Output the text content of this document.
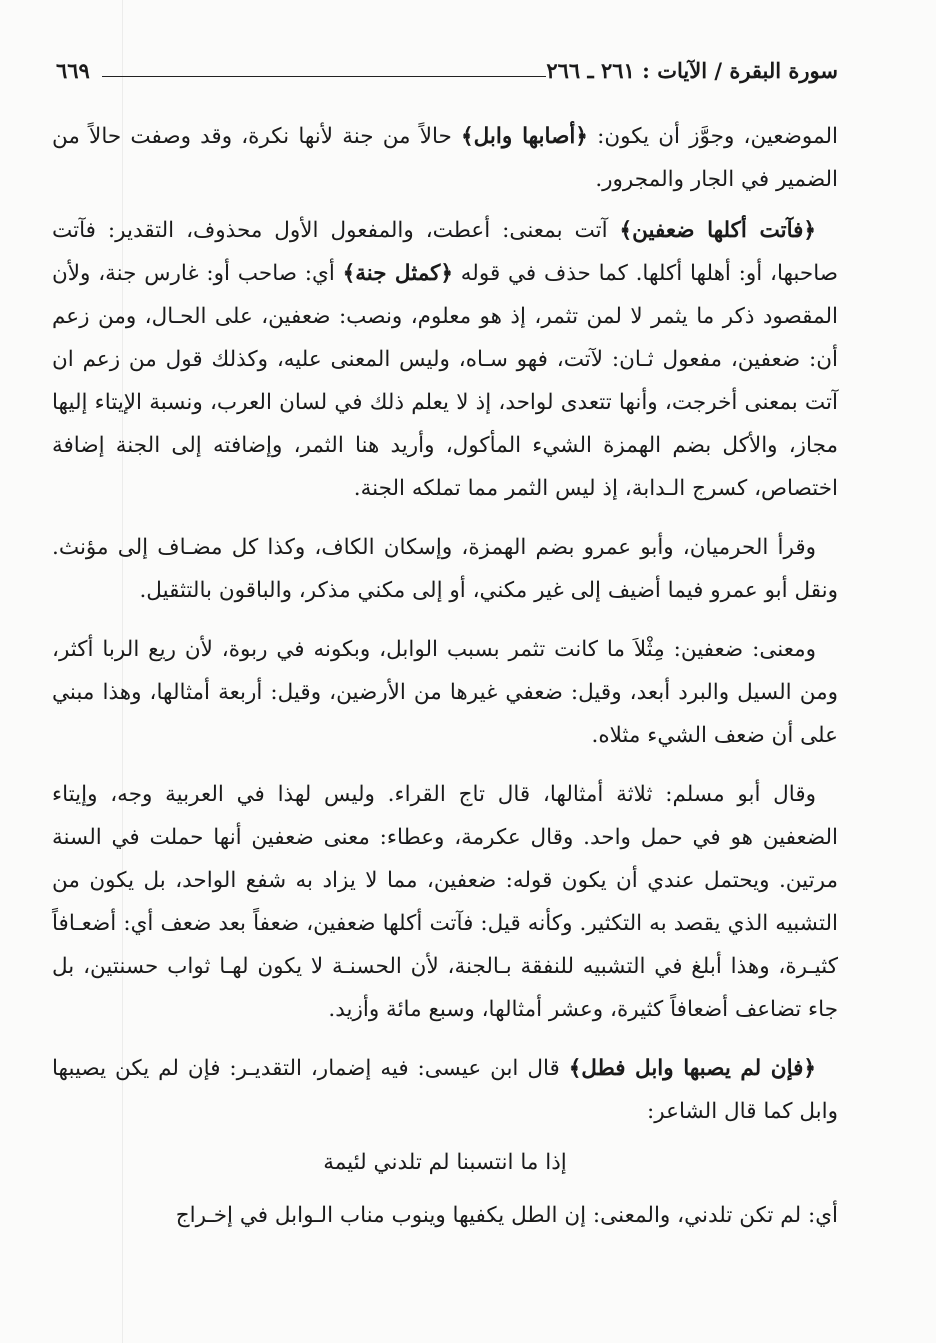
سورة البقرة / الآيات : ٢٦١ ـ ٢٦٦
٦٦٩

الموضعين، وجوَّز أن يكون: ﴿أصابها وابل﴾ حالاً من جنة لأنها نكرة، وقد وصفت حالاً من الضمير في الجار والمجرور.

﴿فآتت أكلها ضعفين﴾ آتت بمعنى: أعطت، والمفعول الأول محذوف، التقدير: فآتت صاحبها، أو: أهلها أكلها. كما حذف في قوله ﴿كمثل جنة﴾ أي: صاحب أو: غارس جنة، ولأن المقصود ذكر ما يثمر لا لمن تثمر، إذ هو معلوم، ونصب: ضعفين، على الحـال، ومن زعم أن: ضعفين، مفعول ثـان: لآتت، فهو سـاه، وليس المعنى عليه، وكذلك قول من زعم ان آتت بمعنى أخرجت، وأنها تتعدى لواحد، إذ لا يعلم ذلك في لسان العرب، ونسبة الإيتاء إليها مجاز، والأكل بضم الهمزة الشيء المأكول، وأريد هنا الثمر، وإضافته إلى الجنة إضافة اختصاص، كسرج الـدابة، إذ ليس الثمر مما تملكه الجنة.

وقرأ الحرميان، وأبو عمرو بضم الهمزة، وإسكان الكاف، وكذا كل مضـاف إلى مؤنث. ونقل أبو عمرو فيما أضيف إلى غير مكني، أو إلى مكني مذكر، والباقون بالتثقيل.

ومعنى: ضعفين: مِثْلاَ ما كانت تثمر بسبب الوابل، وبكونه في ربوة، لأن ريع الربا أكثر، ومن السيل والبرد أبعد، وقيل: ضعفي غيرها من الأرضين، وقيل: أربعة أمثالها، وهذا مبني على أن ضعف الشيء مثلاه.

وقال أبو مسلم: ثلاثة أمثالها، قال تاج القراء. وليس لهذا في العربية وجه، وإيتاء الضعفين هو في حمل واحد. وقال عكرمة، وعطاء: معنى ضعفين أنها حملت في السنة مرتين. ويحتمل عندي أن يكون قوله: ضعفين، مما لا يزاد به شفع الواحد، بل يكون من التشبيه الذي يقصد به التكثير. وكأنه قيل: فآتت أكلها ضعفين، ضعفاً بعد ضعف أي: أضعـافاً كثيـرة، وهذا أبلغ في التشبيه للنفقة بـالجنة، لأن الحسنـة لا يكون لهـا ثواب حسنتين، بل جاء تضاعف أضعافاً كثيرة، وعشر أمثالها، وسبع مائة وأزيد.

﴿فإن لم يصبها وابل فطل﴾ قال ابن عيسى: فيه إضمار، التقديـر: فإن لم يكن يصيبها وابل كما قال الشاعر:

إذا ما انتسبنا لم تلدني لئيمة

أي: لم تكن تلدني، والمعنى: إن الطل يكفيها وينوب مناب الـوابل في إخـراج
